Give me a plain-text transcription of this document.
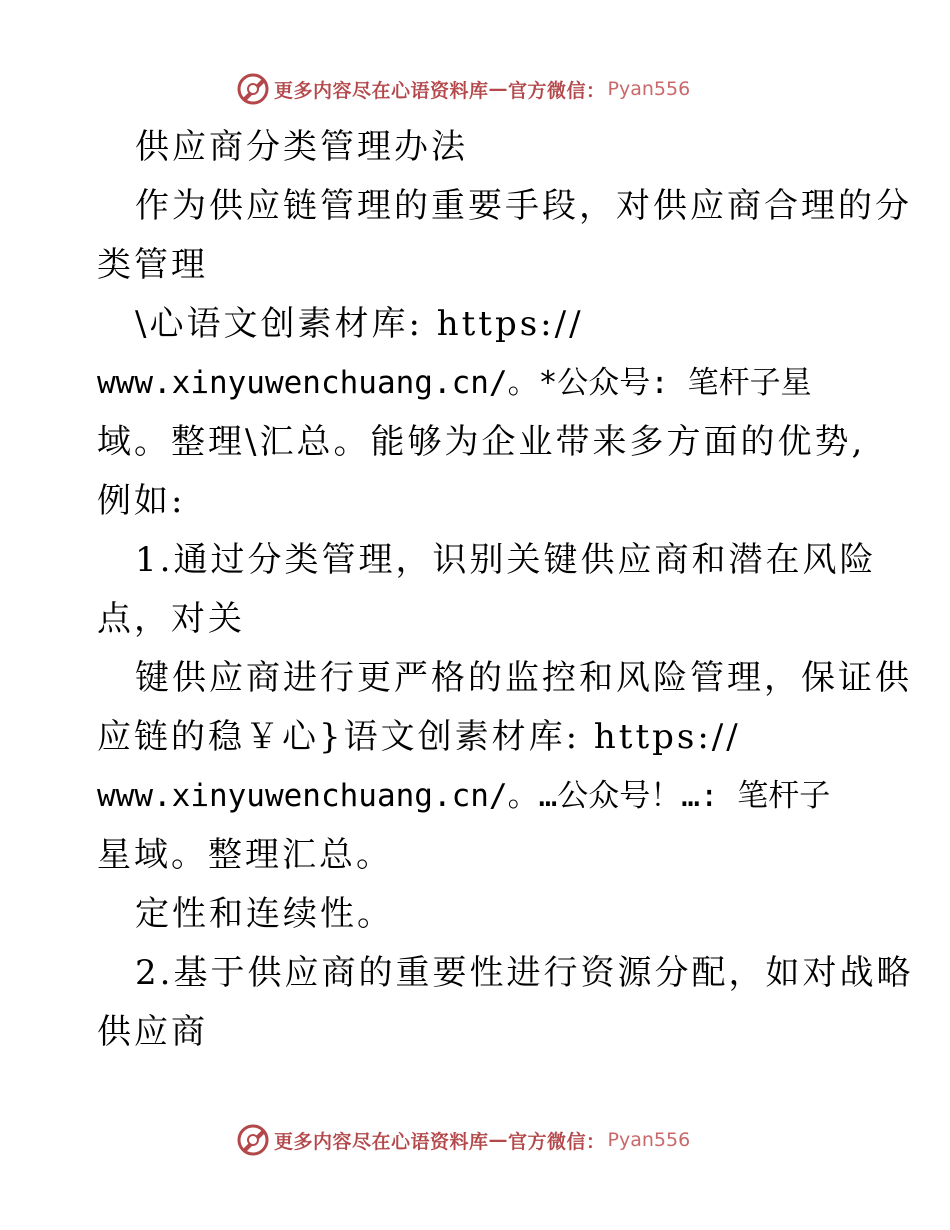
更多内容尽在心语资料库 — 官方微信： Pyan556
供应商分类管理办法
作为供应链管理的重要手段，对供应商合理的分
类管理
\心语文创素材库: https://
www.xinyuwenchuang.cn/。*公众号: 笔杆子星
域。整理\汇总。能够为企业带来多方面的优势,
例如:
1.通过分类管理，识别关键供应商和潜在风险
点，对关
键供应商进行更严格的监控和风险管理，保证供
应链的稳￥心}语文创素材库: https://
www.xinyuwenchuang.cn/。…公众号！…: 笔杆子
星域。整理汇总。
定性和连续性。
2.基于供应商的重要性进行资源分配，如对战略
供应商
更多内容尽在心语资料库 — 官方微信： Pyan556
